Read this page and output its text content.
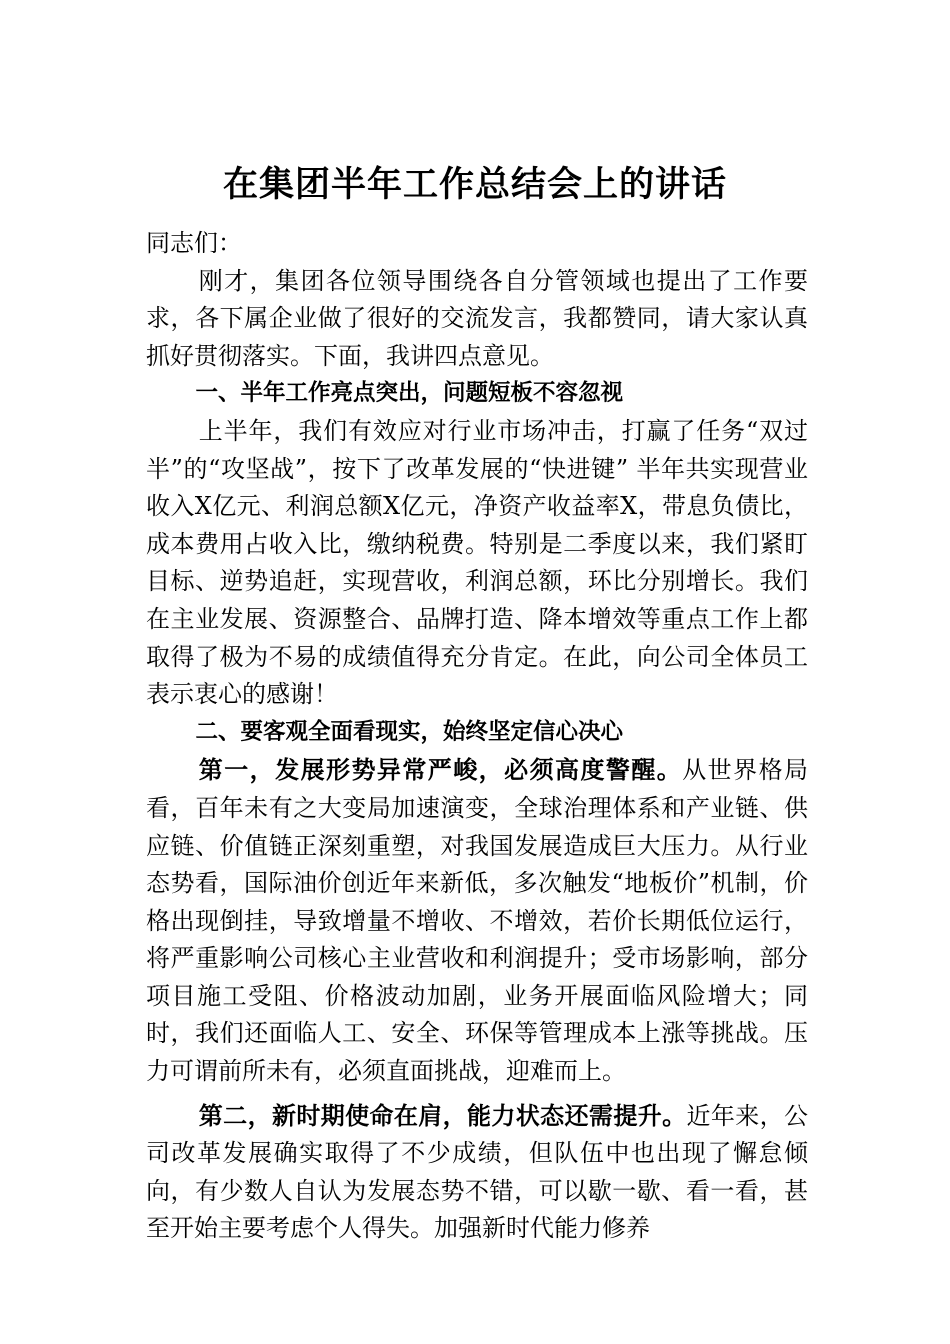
在集团半年工作总结会上的讲话

同志们：

刚才，集团各位领导围绕各自分管领域也提出了工作要求，各下属企业做了很好的交流发言，我都赞同，请大家认真抓好贯彻落实。下面，我讲四点意见。

一、半年工作亮点突出，问题短板不容忽视

上半年，我们有效应对行业市场冲击，打赢了任务“双过半”的“攻坚战”，按下了改革发展的“快进键” 半年共实现营业收入X亿元、利润总额X亿元，净资产收益率X，带息负债比，成本费用占收入比，缴纳税费。特别是二季度以来，我们紧盯目标、逆势追赶，实现营收，利润总额，环比分别增长。我们在主业发展、资源整合、品牌打造、降本增效等重点工作上都取得了极为不易的成绩值得充分肯定。在此，向公司全体员工表示衷心的感谢！

二、要客观全面看现实，始终坚定信心决心

第一，发展形势异常严峻，必须高度警醒。从世界格局看，百年未有之大变局加速演变，全球治理体系和产业链、供应链、价值链正深刻重塑，对我国发展造成巨大压力。从行业态势看，国际油价创近年来新低，多次触发“地板价”机制，价格出现倒挂，导致增量不增收、不增效，若价长期低位运行，将严重影响公司核心主业营收和利润提升；受市场影响，部分项目施工受阻、价格波动加剧，业务开展面临风险增大；同时，我们还面临人工、安全、环保等管理成本上涨等挑战。压力可谓前所未有，必须直面挑战，迎难而上。

第二，新时期使命在肩，能力状态还需提升。近年来，公司改革发展确实取得了不少成绩，但队伍中也出现了懈怠倾向，有少数人自认为发展态势不错，可以歇一歇、看一看，甚至开始主要考虑个人得失。加强新时代能力修养
